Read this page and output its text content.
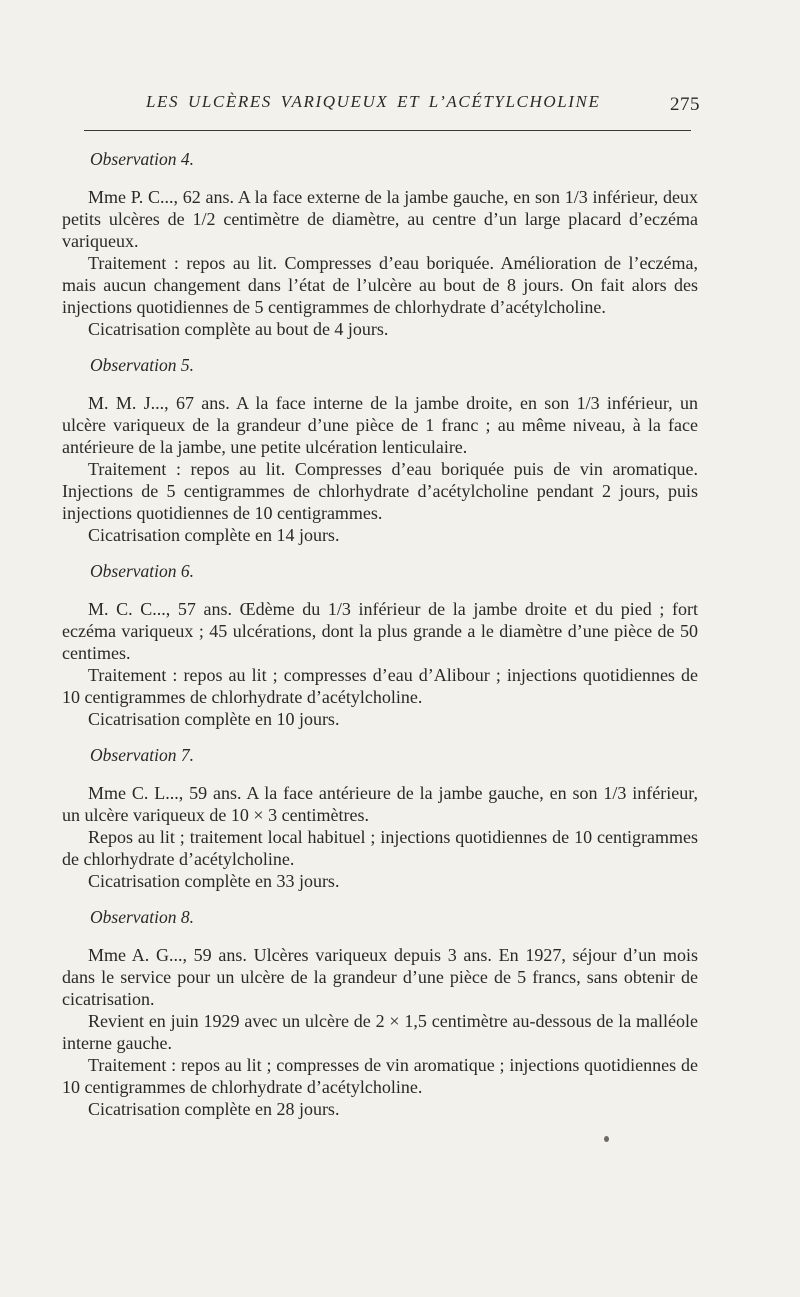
LES ULCÈRES VARIQUEUX ET L’ACÉTYLCHOLINE	275
Observation 4.

Mme P. C..., 62 ans. A la face externe de la jambe gauche, en son 1/3 inférieur, deux petits ulcères de 1/2 centimètre de diamètre, au centre d’un large placard d’eczéma variqueux.

Traitement : repos au lit. Compresses d’eau boriquée. Amélioration de l’eczéma, mais aucun changement dans l’état de l’ulcère au bout de 8 jours. On fait alors des injections quotidiennes de 5 centigrammes de chlorhydrate d’acétylcholine.

Cicatrisation complète au bout de 4 jours.

Observation 5.

M. M. J..., 67 ans. A la face interne de la jambe droite, en son 1/3 inférieur, un ulcère variqueux de la grandeur d’une pièce de 1 franc ; au même niveau, à la face antérieure de la jambe, une petite ulcération lenticulaire.

Traitement : repos au lit. Compresses d’eau boriquée puis de vin aromatique. Injections de 5 centigrammes de chlorhydrate d’acétylcholine pendant 2 jours, puis injections quotidiennes de 10 centigrammes.

Cicatrisation complète en 14 jours.

Observation 6.

M. C. C..., 57 ans. Œdème du 1/3 inférieur de la jambe droite et du pied ; fort eczéma variqueux ; 45 ulcérations, dont la plus grande a le diamètre d’une pièce de 50 centimes.

Traitement : repos au lit ; compresses d’eau d’Alibour ; injections quotidiennes de 10 centigrammes de chlorhydrate d’acétylcholine.

Cicatrisation complète en 10 jours.

Observation 7.

Mme C. L..., 59 ans. A la face antérieure de la jambe gauche, en son 1/3 inférieur, un ulcère variqueux de 10 × 3 centimètres.

Repos au lit ; traitement local habituel ; injections quotidiennes de 10 centigrammes de chlorhydrate d’acétylcholine.

Cicatrisation complète en 33 jours.

Observation 8.

Mme A. G..., 59 ans. Ulcères variqueux depuis 3 ans. En 1927, séjour d’un mois dans le service pour un ulcère de la grandeur d’une pièce de 5 francs, sans obtenir de cicatrisation.

Revient en juin 1929 avec un ulcère de 2 × 1,5 centimètre au-dessous de la malléole interne gauche.

Traitement : repos au lit ; compresses de vin aromatique ; injections quotidiennes de 10 centigrammes de chlorhydrate d’acétylcholine.

Cicatrisation complète en 28 jours.
